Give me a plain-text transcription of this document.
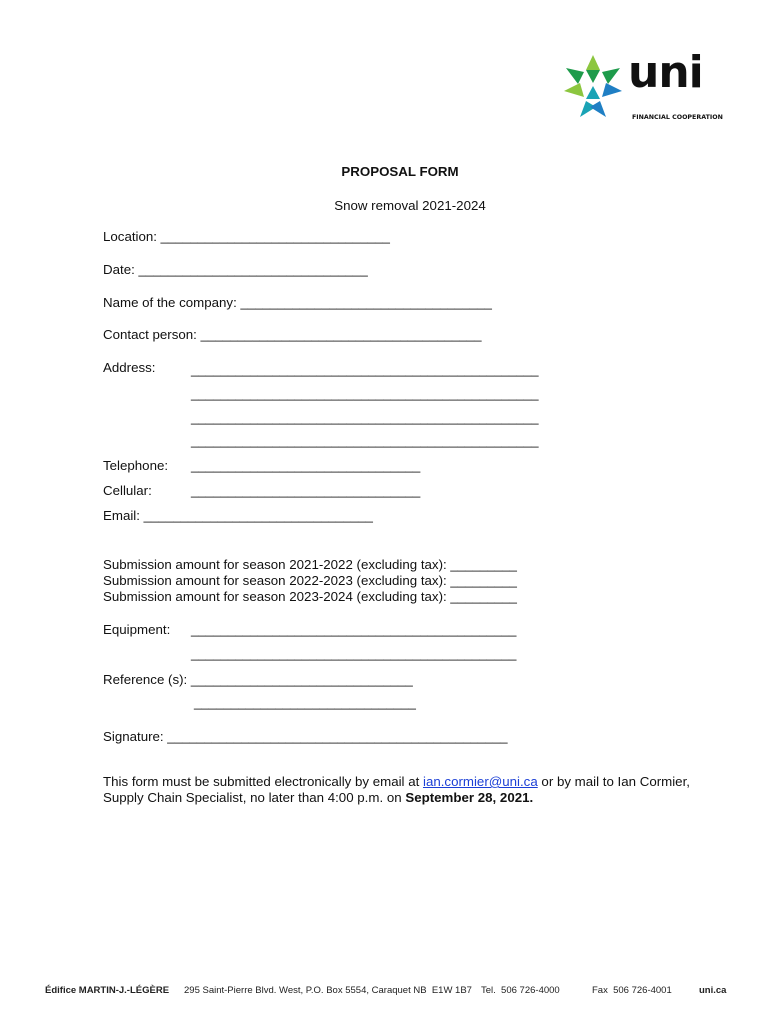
uni
FINANCIAL COOPERATION
PROPOSAL FORM
Snow removal 2021-2024
Location: _______________________________
Date: _______________________________
Name of the company: __________________________________
Contact person: ______________________________________
Address:	_______________________________________________
_______________________________________________
_______________________________________________
_______________________________________________
Telephone: _______________________________
Cellular:	_______________________________
Email: _______________________________
Submission amount for season 2021-2022 (excluding tax): _________
Submission amount for season 2022-2023 (excluding tax): _________
Submission amount for season 2023-2024 (excluding tax): _________
Equipment: ____________________________________________
____________________________________________
Reference (s): ______________________________
______________________________
Signature: ______________________________________________
This form must be submitted electronically by email at ian.cormier@uni.ca or by mail to Ian Cormier, Supply Chain Specialist, no later than 4:00 p.m. on September 28, 2021.
Édifice MARTIN-J.-LÉGÈRE 295 Saint-Pierre Blvd. West, P.O. Box 5554, Caraquet NB  E1W 1B7 Tel.  506 726-4000	Fax  506 726-4001	uni.ca
